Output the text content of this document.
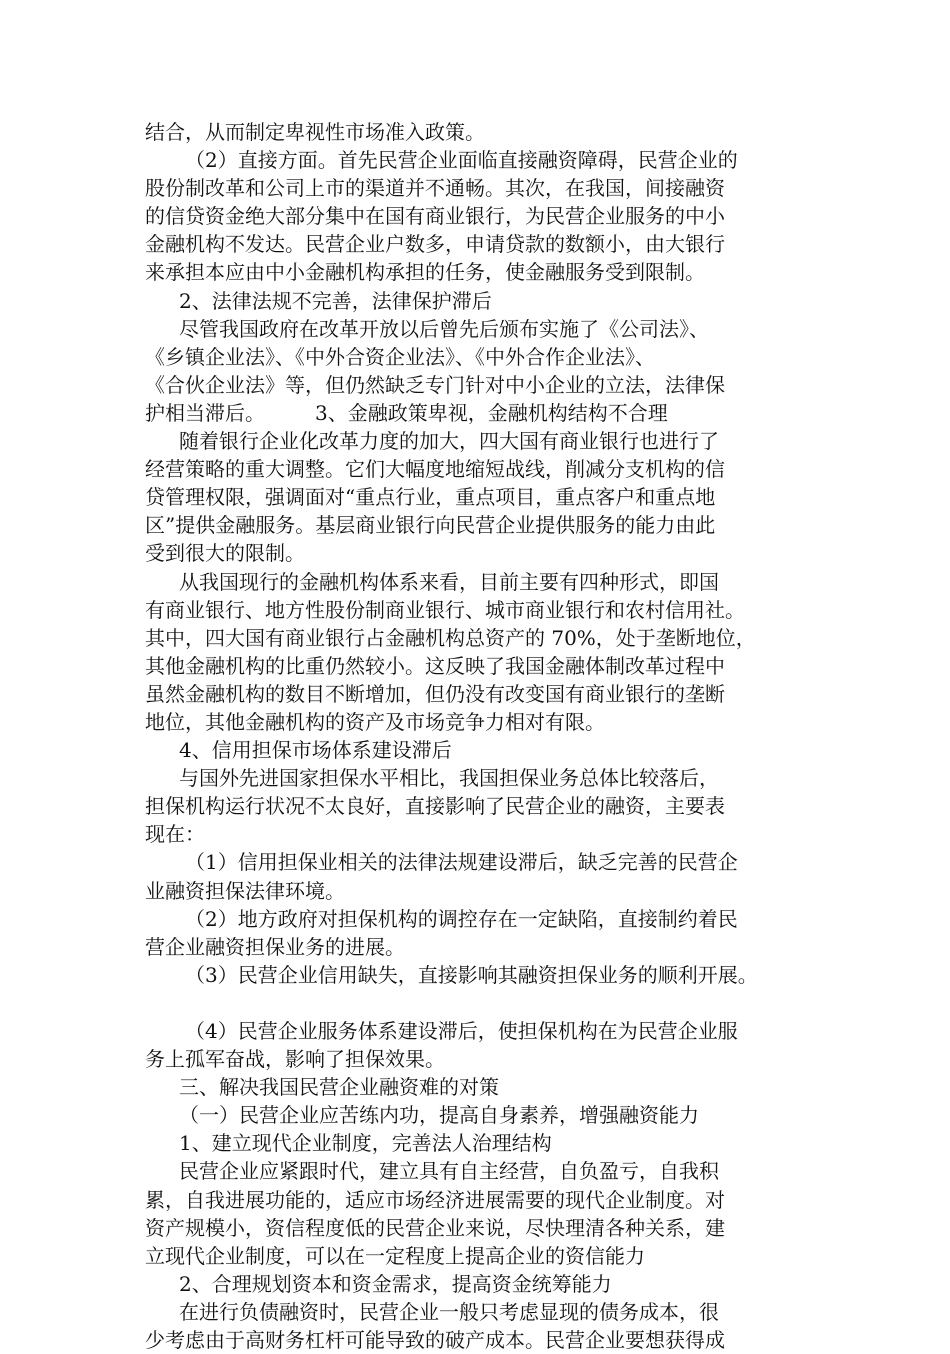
结合，从而制定卑视性市场准入政策。
（2）直接方面。首先民营企业面临直接融资障碍，民营企业的
股份制改革和公司上市的渠道并不通畅。其次，在我国，间接融资
的信贷资金绝大部分集中在国有商业银行，为民营企业服务的中小
金融机构不发达。民营企业户数多，申请贷款的数额小，由大银行
来承担本应由中小金融机构承担的任务，使金融服务受到限制。
2、法律法规不完善，法律保护滞后
尽管我国政府在改革开放以后曾先后颁布实施了《公司法》、
《乡镇企业法》、《中外合资企业法》、《中外合作企业法》、
《合伙企业法》等，但仍然缺乏专门针对中小企业的立法，法律保
护相当滞后。　　　3、金融政策卑视，金融机构结构不合理
随着银行企业化改革力度的加大，四大国有商业银行也进行了
经营策略的重大调整。它们大幅度地缩短战线，削减分支机构的信
贷管理权限，强调面对“重点行业，重点项目，重点客户和重点地
区”提供金融服务。基层商业银行向民营企业提供服务的能力由此
受到很大的限制。
从我国现行的金融机构体系来看，目前主要有四种形式，即国
有商业银行、地方性股份制商业银行、城市商业银行和农村信用社。
其中，四大国有商业银行占金融机构总资产的 70%，处于垄断地位，
其他金融机构的比重仍然较小。这反映了我国金融体制改革过程中
虽然金融机构的数目不断增加，但仍没有改变国有商业银行的垄断
地位，其他金融机构的资产及市场竞争力相对有限。
4、信用担保市场体系建设滞后
与国外先进国家担保水平相比，我国担保业务总体比较落后，
担保机构运行状况不太良好，直接影响了民营企业的融资，主要表
现在：
（1）信用担保业相关的法律法规建设滞后，缺乏完善的民营企
业融资担保法律环境。
（2）地方政府对担保机构的调控存在一定缺陷，直接制约着民
营企业融资担保业务的进展。
（3）民营企业信用缺失，直接影响其融资担保业务的顺利开展。
（4）民营企业服务体系建设滞后，使担保机构在为民营企业服
务上孤军奋战，影响了担保效果。
三、解决我国民营企业融资难的对策
（一）民营企业应苦练内功，提高自身素养，增强融资能力
1、建立现代企业制度，完善法人治理结构
民营企业应紧跟时代，建立具有自主经营，自负盈亏，自我积
累，自我进展功能的，适应市场经济进展需要的现代企业制度。对
资产规模小，资信程度低的民营企业来说，尽快理清各种关系，建
立现代企业制度，可以在一定程度上提高企业的资信能力
2、合理规划资本和资金需求，提高资金统筹能力
在进行负债融资时，民营企业一般只考虑显现的债务成本，很
少考虑由于高财务杠杆可能导致的破产成本。民营企业要想获得成
